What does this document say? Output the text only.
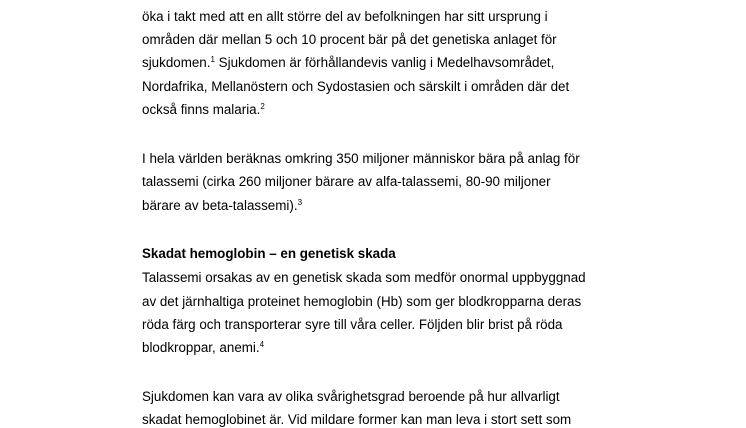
öka i takt med att en allt större del av befolkningen har sitt ursprung i
områden där mellan 5 och 10 procent bär på det genetiska anlaget för
sjukdomen.$^1$ Sjukdomen är förhållandevis vanlig i Medelhavsområdet,
Nordafrika, Mellanöstern och Sydostasien och särskilt i områden där det
också finns malaria.$^2$
I hela världen beräknas omkring 350 miljoner människor bära på anlag för
talassemi (cirka 260 miljoner bärare av alfa-talassemi, 80-90 miljoner
bärare av beta-talassemi).$^3$
Skadat hemoglobin – en genetisk skada
Talassemi orsakas av en genetisk skada som medför onormal uppbyggnad
av det järnhaltiga proteinet hemoglobin (Hb) som ger blodkropparna deras
röda färg och transporterar syre till våra celler. Följden blir brist på röda
blodkroppar, anemi.$^4$
Sjukdomen kan vara av olika svårighetsgrad beroende på hur allvarligt
skadat hemoglobinet är. Vid mildare former kan man leva i stort sett som
